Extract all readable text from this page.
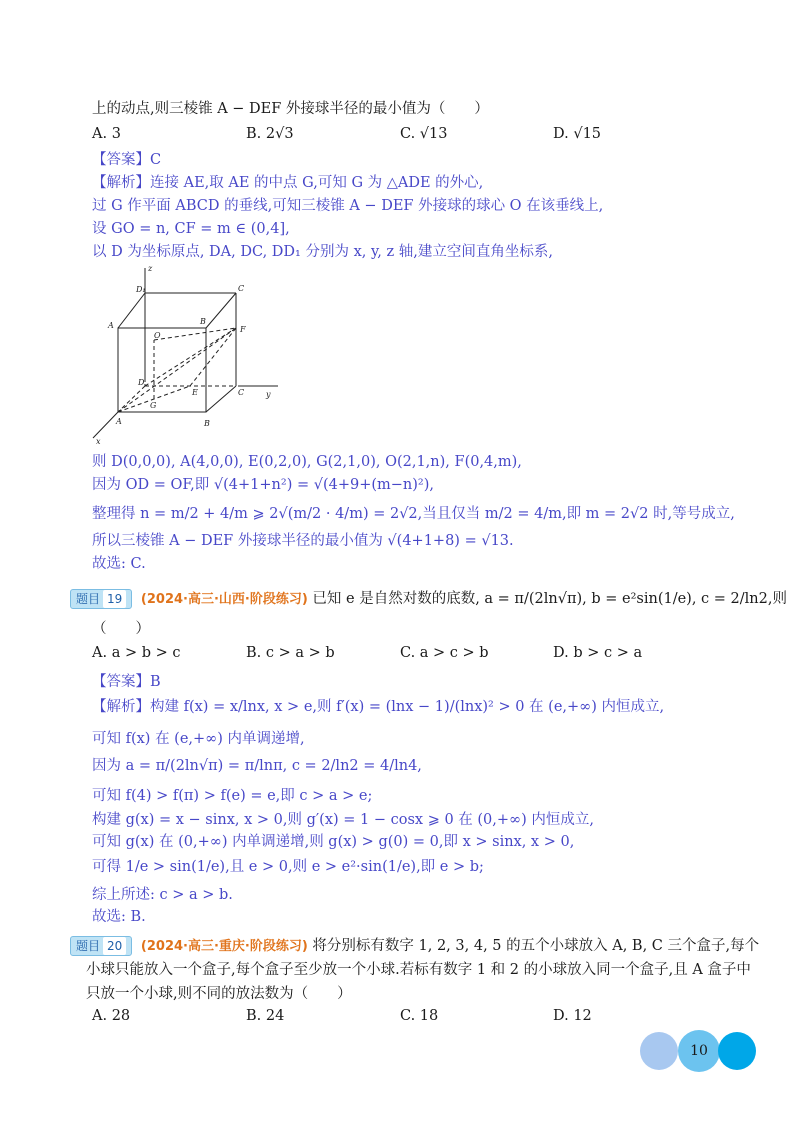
上的动点,则三棱锥 A − DEF 外接球半径的最小值为（　　）
A. 3	B. 2√3	C. √13	D. √15
【答案】C
【解析】连接 AE,取 AE 的中点 G,可知 G 为 △ADE 的外心,
过 G 作平面 ABCD 的垂线,可知三棱锥 A − DEF 外接球的球心 O 在该垂线上,
设 GO = n, CF = m ∈ (0,4],
以 D 为坐标原点, DA, DC, DD₁ 分别为 x, y, z 轴,建立空间直角坐标系,
z
y
x
D₁	C
A	B
O
F
D
E	C
G
A	B
则 D(0,0,0), A(4,0,0), E(0,2,0), G(2,1,0), O(2,1,n), F(0,4,m),
因为 OD = OF,即 √(4+1+n²) = √(4+9+(m−n)²),
整理得 n = m/2 + 4/m ⩾ 2√(m/2 · 4/m) = 2√2,当且仅当 m/2 = 4/m,即 m = 2√2 时,等号成立,
所以三棱锥 A − DEF 外接球半径的最小值为 √(4+1+8) = √13.
故选: C.
题目 19 (2024·高三·山西·阶段练习) 已知 e 是自然对数的底数, a = π/(2ln√π), b = e²sin(1/e), c = 2/ln2,则
（　　）
A. a > b > c	B. c > a > b	C. a > c > b	D. b > c > a
【答案】B
【解析】构建 f(x) = x/lnx, x > e,则 f′(x) = (lnx − 1)/(lnx)² > 0 在 (e,+∞) 内恒成立,
可知 f(x) 在 (e,+∞) 内单调递增,
因为 a = π/(2ln√π) = π/lnπ, c = 2/ln2 = 4/ln4,
可知 f(4) > f(π) > f(e) = e,即 c > a > e;
构建 g(x) = x − sinx, x > 0,则 g′(x) = 1 − cosx ⩾ 0 在 (0,+∞) 内恒成立,
可知 g(x) 在 (0,+∞) 内单调递增,则 g(x) > g(0) = 0,即 x > sinx, x > 0,
可得 1/e > sin(1/e),且 e > 0,则 e > e²·sin(1/e),即 e > b;
综上所述: c > a > b.
故选: B.
题目 20 (2024·高三·重庆·阶段练习) 将分别标有数字 1, 2, 3, 4, 5 的五个小球放入 A, B, C 三个盒子,每个
小球只能放入一个盒子,每个盒子至少放一个小球.若标有数字 1 和 2 的小球放入同一个盒子,且 A 盒子中
只放一个小球,则不同的放法数为（　　）
A. 28	B. 24	C. 18	D. 12
10
